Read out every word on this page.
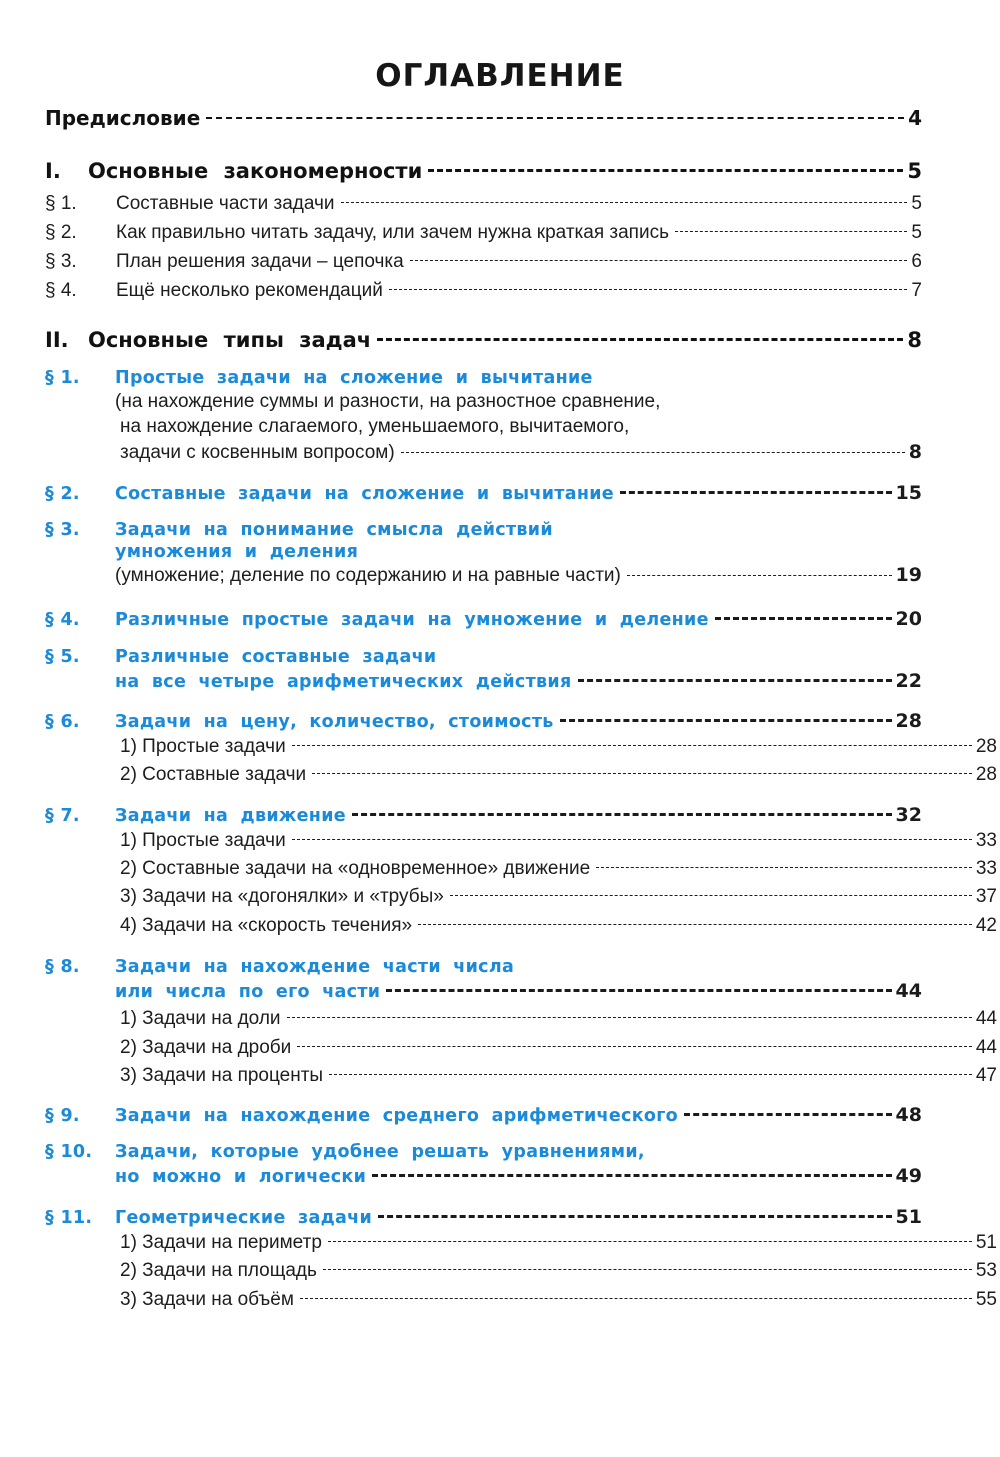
ОГЛАВЛЕНИЕ
Предисловие	4
I.	Основные закономерности	5
§ 1.	Составные части задачи	5
§ 2.	Как правильно читать задачу, или зачем нужна краткая запись	5
§ 3.	План решения задачи – цепочка	6
§ 4.	Ещё несколько рекомендаций	7
II. Основные типы задач	8
§ 1.	Простые задачи на сложение и вычитание
(на нахождение суммы и разности, на разностное сравнение,
на нахождение слагаемого, уменьшаемого, вычитаемого,
задачи с косвенным вопросом)	8
§ 2.	Составные задачи на сложение и вычитание	15
§ 3.	Задачи на понимание смысла действий
умножения и деления
(умножение; деление по содержанию и на равные части)	19
§ 4.	Различные простые задачи на умножение и деление	20
§ 5.	Различные составные задачи
на все четыре арифметических действия	22
§ 6.	Задачи на цену, количество, стоимость	28
1) Простые задачи	28
2) Составные задачи	28
§ 7.	Задачи на движение	32
1) Простые задачи	33
2) Составные задачи на «одновременное» движение	33
3) Задачи на «догонялки» и «трубы»	37
4) Задачи на «скорость течения»	42
§ 8.	Задачи на нахождение части числа
или числа по его части	44
1) Задачи на доли	44
2) Задачи на дроби	44
3) Задачи на проценты	47
§ 9.	Задачи на нахождение среднего арифметического	48
§ 10.	Задачи, которые удобнее решать уравнениями,
но можно и логически	49
§ 11.	Геометрические задачи	51
1) Задачи на периметр	51
2) Задачи на площадь	53
3) Задачи на объём	55
